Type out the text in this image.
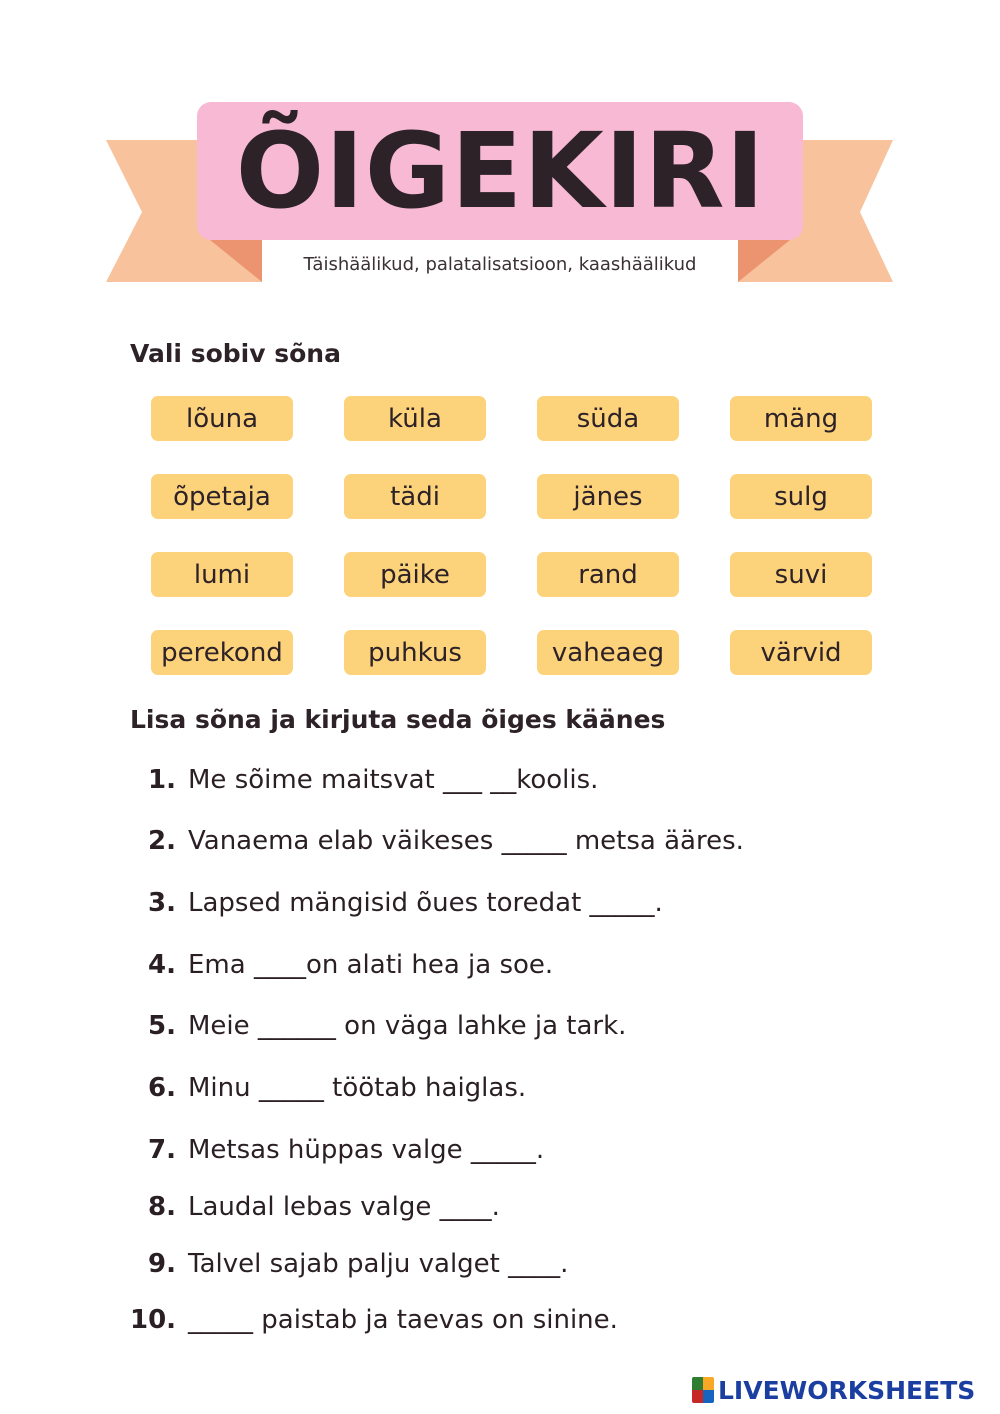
ÕIGEKIRI
Täishäälikud, palatalisatsioon, kaashäälikud
Vali sobiv sõna
lõuna	küla	süda	mäng
õpetaja	tädi	jänes	sulg
lumi	päike	rand	suvi
perekond	puhkus	vaheaeg	värvid
Lisa sõna ja kirjuta seda õiges käänes
1. Me sõime maitsvat ___ __koolis.
2. Vanaema elab väikeses _____ metsa ääres.
3. Lapsed mängisid õues toredat _____.
4. Ema ____on alati hea ja soe.
5. Meie ______ on väga lahke ja tark.
6. Minu _____ töötab haiglas.
7. Metsas hüppas valge _____.
8. Laudal lebas valge ____.
9. Talvel sajab palju valget ____.
10. _____ paistab ja taevas on sinine.
LIVEWORKSHEETS
